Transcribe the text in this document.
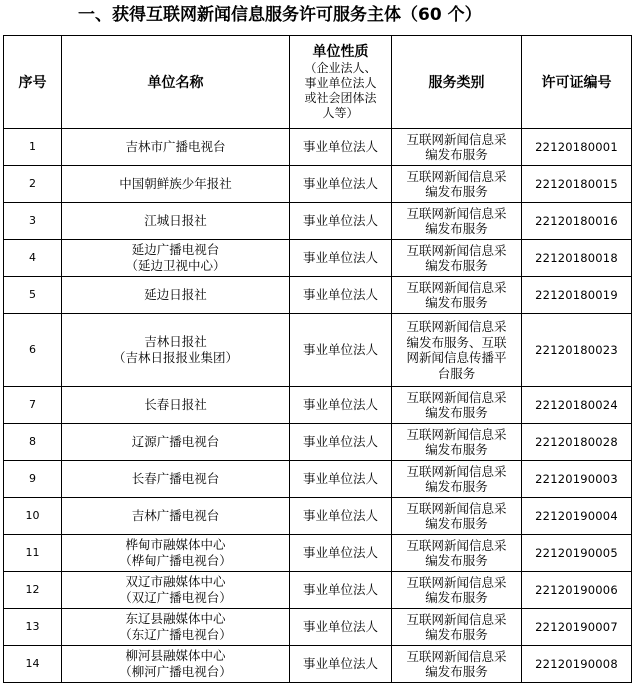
一、获得互联网新闻信息服务许可服务主体（60 个）
序号	单位名称	单位性质
（企业法人、
事业单位法人
或社会团体法
人等）	服务类别	许可证编号
1	吉林市广播电视台	事业单位法人	互联网新闻信息采
编发布服务	22120180001
2	中国朝鲜族少年报社	事业单位法人	互联网新闻信息采
编发布服务	22120180015
3	江城日报社	事业单位法人	互联网新闻信息采
编发布服务	22120180016
4	延边广播电视台
（延边卫视中心）	事业单位法人	互联网新闻信息采
编发布服务	22120180018
5	延边日报社	事业单位法人	互联网新闻信息采
编发布服务	22120180019
6	吉林日报社
（吉林日报报业集团）	事业单位法人	互联网新闻信息采
编发布服务、互联
网新闻信息传播平
台服务	22120180023
7	长春日报社	事业单位法人	互联网新闻信息采
编发布服务	22120180024
8	辽源广播电视台	事业单位法人	互联网新闻信息采
编发布服务	22120180028
9	长春广播电视台	事业单位法人	互联网新闻信息采
编发布服务	22120190003
10	吉林广播电视台	事业单位法人	互联网新闻信息采
编发布服务	22120190004
11	桦甸市融媒体中心
（桦甸广播电视台）	事业单位法人	互联网新闻信息采
编发布服务	22120190005
12	双辽市融媒体中心
（双辽广播电视台）	事业单位法人	互联网新闻信息采
编发布服务	22120190006
13	东辽县融媒体中心
（东辽广播电视台）	事业单位法人	互联网新闻信息采
编发布服务	22120190007
14	柳河县融媒体中心
（柳河广播电视台）	事业单位法人	互联网新闻信息采
编发布服务	22120190008
